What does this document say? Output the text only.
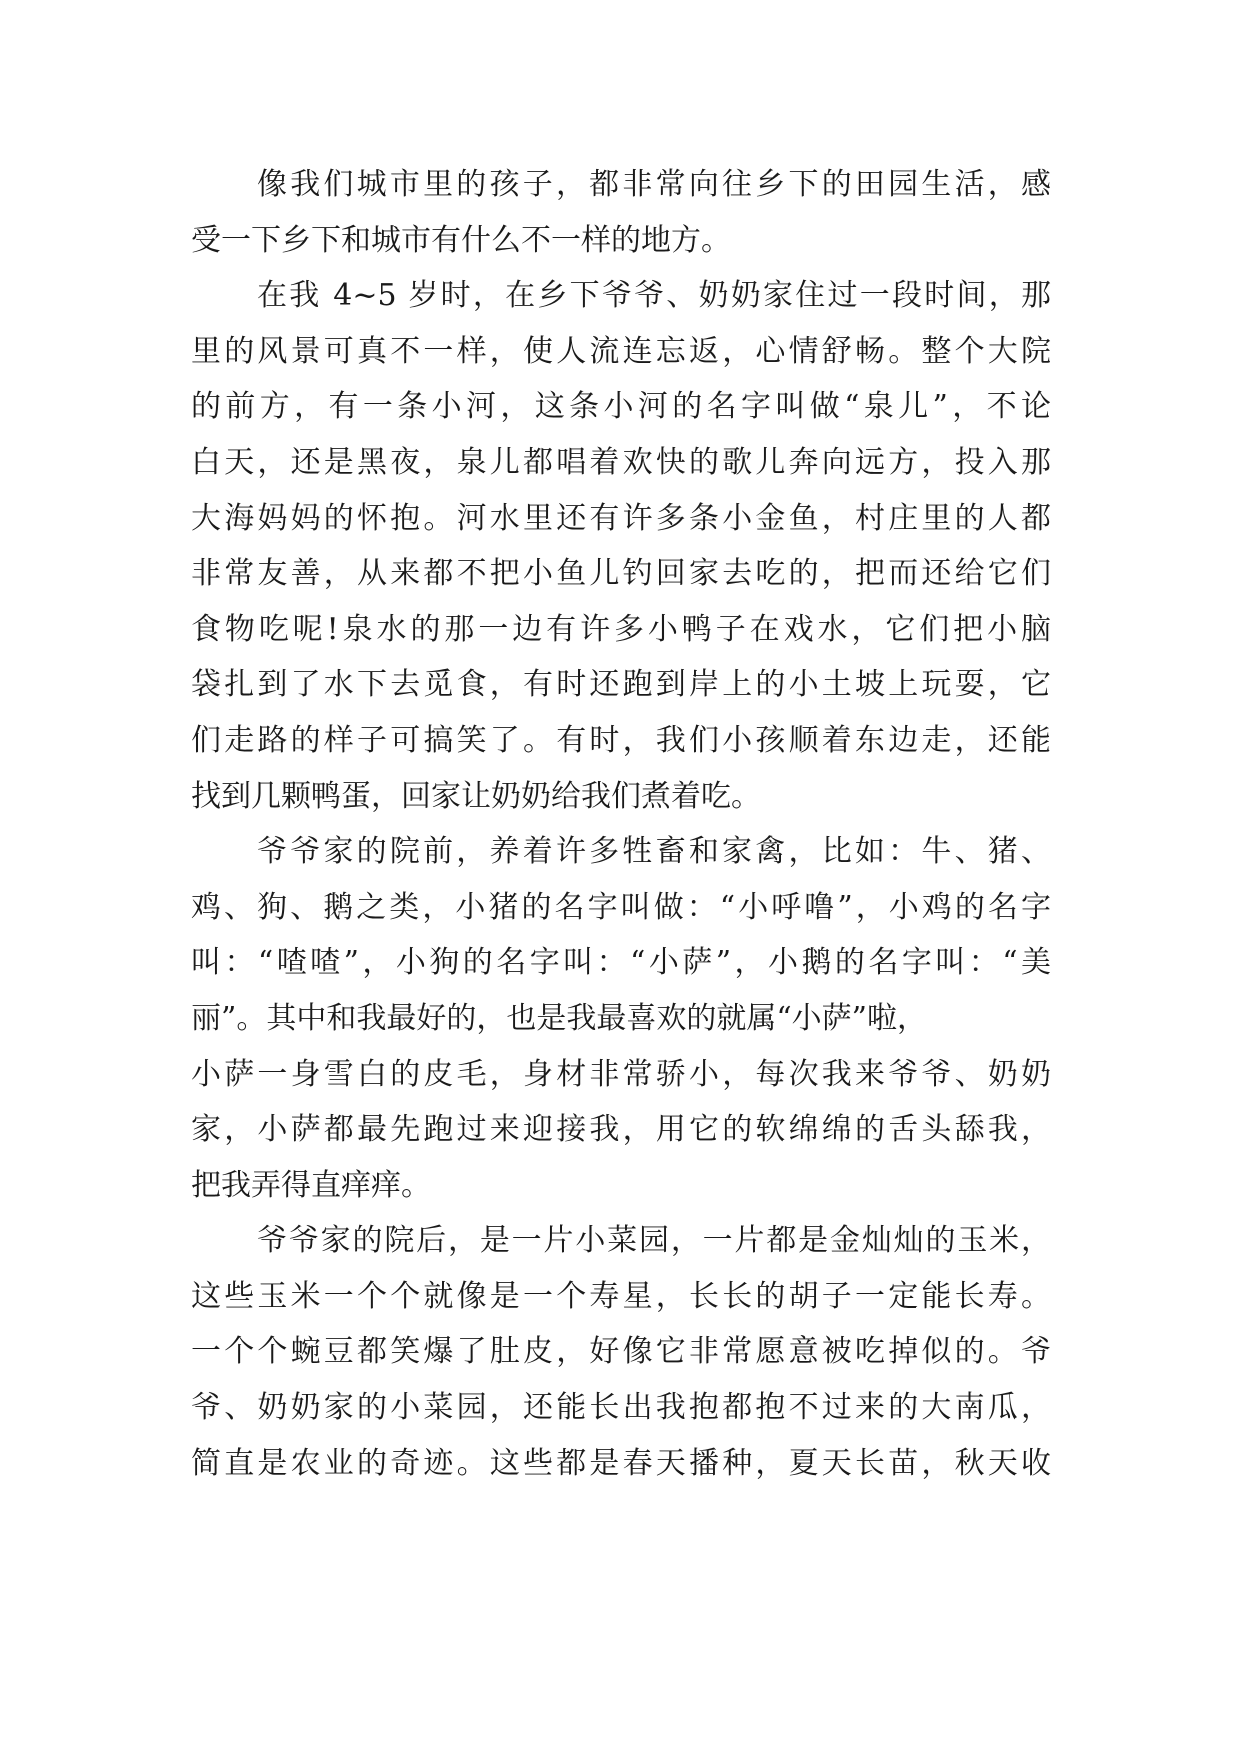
像我们城市里的孩子，都非常向往乡下的田园生活，感
受一下乡下和城市有什么不一样的地方。
在我 4~5 岁时，在乡下爷爷、奶奶家住过一段时间，那
里的风景可真不一样，使人流连忘返，心情舒畅。整个大院
的前方，有一条小河，这条小河的名字叫做“泉儿”，不论
白天，还是黑夜，泉儿都唱着欢快的歌儿奔向远方，投入那
大海妈妈的怀抱。河水里还有许多条小金鱼，村庄里的人都
非常友善，从来都不把小鱼儿钓回家去吃的，把而还给它们
食物吃呢!泉水的那一边有许多小鸭子在戏水，它们把小脑
袋扎到了水下去觅食，有时还跑到岸上的小土坡上玩耍，它
们走路的样子可搞笑了。有时，我们小孩顺着东边走，还能
找到几颗鸭蛋，回家让奶奶给我们煮着吃。
爷爷家的院前，养着许多牲畜和家禽，比如：牛、猪、
鸡、狗、鹅之类，小猪的名字叫做：“小呼噜”，小鸡的名字
叫：“喳喳”，小狗的名字叫：“小萨”，小鹅的名字叫：“美
丽”。其中和我最好的，也是我最喜欢的就属“小萨”啦，
小萨一身雪白的皮毛，身材非常骄小，每次我来爷爷、奶奶
家，小萨都最先跑过来迎接我，用它的软绵绵的舌头舔我，
把我弄得直痒痒。
爷爷家的院后，是一片小菜园，一片都是金灿灿的玉米，
这些玉米一个个就像是一个寿星，长长的胡子一定能长寿。
一个个蜿豆都笑爆了肚皮，好像它非常愿意被吃掉似的。爷
爷、奶奶家的小菜园，还能长出我抱都抱不过来的大南瓜，
简直是农业的奇迹。这些都是春天播种，夏天长苗，秋天收
